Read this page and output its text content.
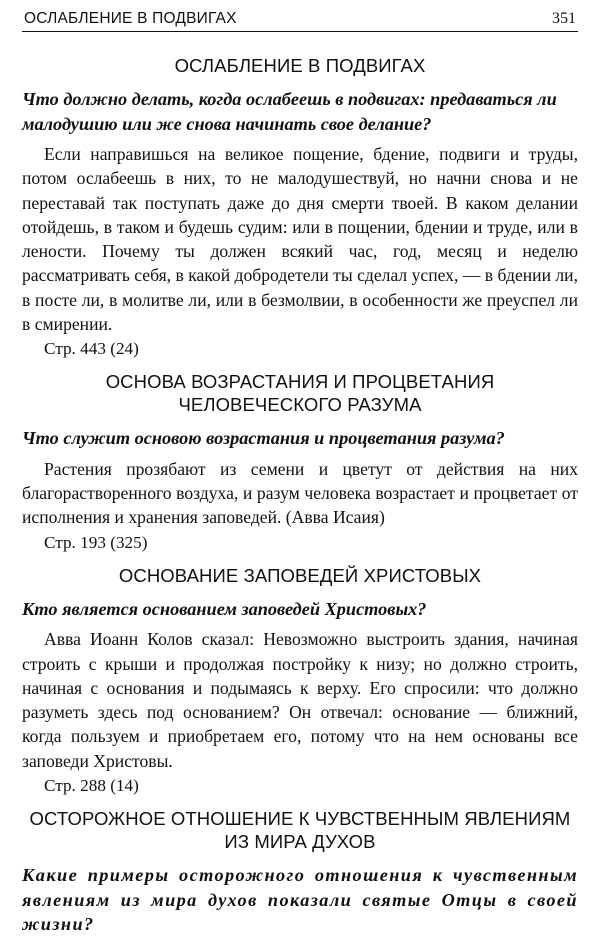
ОСЛАБЛЕНИЕ В ПОДВИГАХ	351
ОСЛАБЛЕНИЕ В ПОДВИГАХ

Что должно делать, когда ослабеешь в подвигах: предаваться ли малодушию или же снова начинать свое делание?

Если направишься на великое пощение, бдение, подвиги и труды, потом ослабеешь в них, то не малодушествуй, но начни снова и не переставай так поступать даже до дня смерти твоей. В каком делании отойдешь, в таком и будешь судим: или в пощении, бдении и труде, или в лености. Почему ты должен всякий час, год, месяц и неделю рассматривать себя, в какой добродетели ты сделал успех, — в бдении ли, в посте ли, в молитве ли, или в безмолвии, в особенности же преуспел ли в смирении.

Стр. 443 (24)
ОСНОВА ВОЗРАСТАНИЯ И ПРОЦВЕТАНИЯ
ЧЕЛОВЕЧЕСКОГО РАЗУМА

Что служит основою возрастания и процветания разума?

Растения прозябают из семени и цветут от действия на них благорастворенного воздуха, и разум человека возрастает и процветает от исполнения и хранения заповедей. (Авва Исаия)

Стр. 193 (325)
ОСНОВАНИЕ ЗАПОВЕДЕЙ ХРИСТОВЫХ

Кто является основанием заповедей Христовых?

Авва Иоанн Колов сказал: Невозможно выстроить здания, начиная строить с крыши и продолжая постройку к низу; но должно строить, начиная с основания и подымаясь к верху. Его спросили: что должно разуметь здесь под основанием? Он отвечал: основание — ближний, когда пользуем и приобретаем его, потому что на нем основаны все заповеди Христовы.

Стр. 288 (14)
ОСТОРОЖНОЕ ОТНОШЕНИЕ К ЧУВСТВЕННЫМ ЯВЛЕНИЯМ
ИЗ МИРА ДУХОВ

Какие примеры осторожного отношения к чувственным явлениям из мира духов показали святые Отцы в своей жизни?
